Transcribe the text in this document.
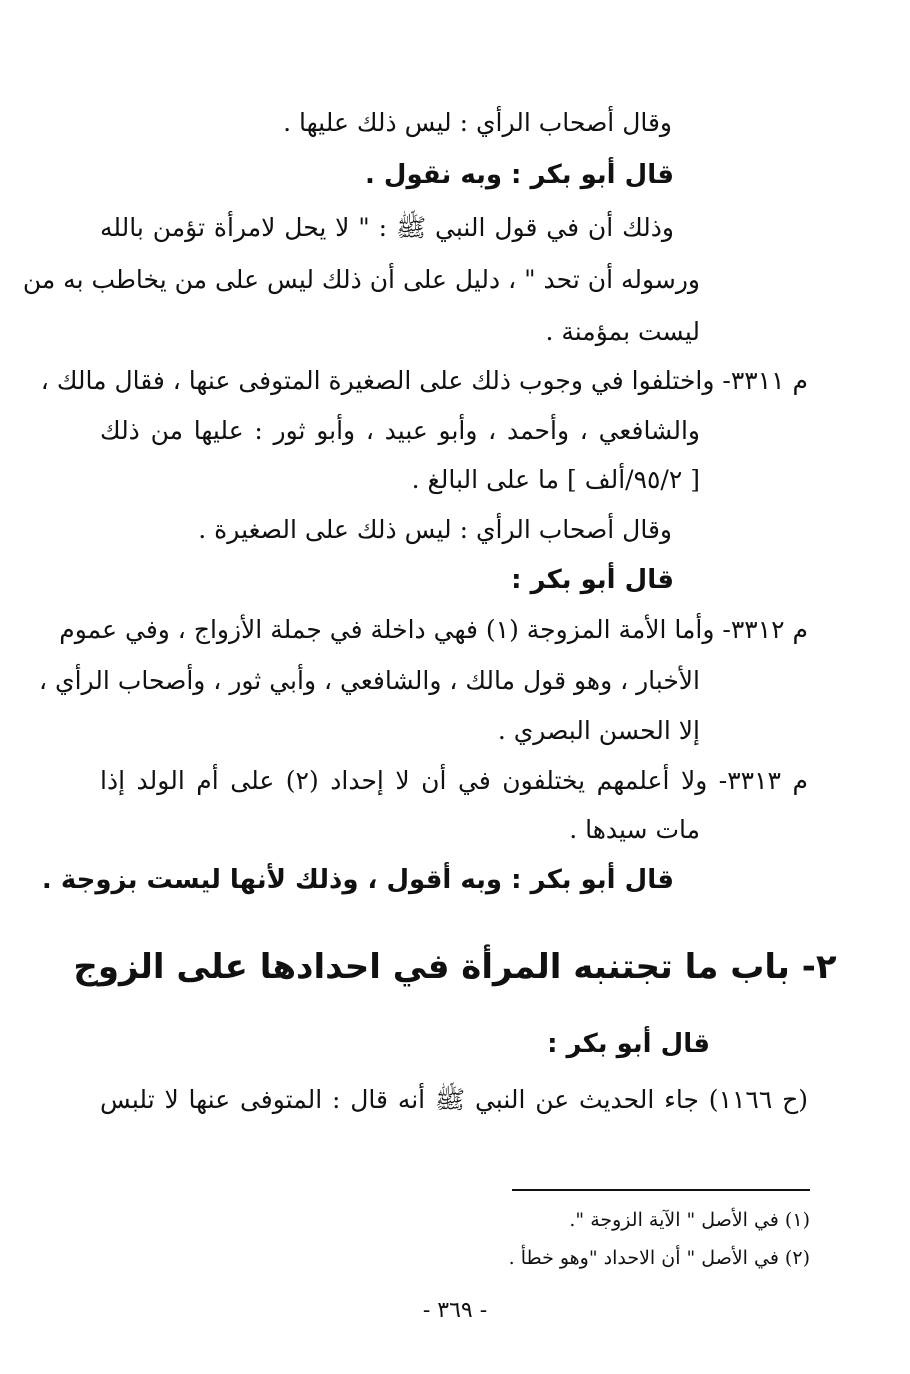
وقال أصحاب الرأي : ليس ذلك عليها .
قال أبو بكر : وبه نقول .
وذلك أن في قول النبي ﷺ : " لا يحل لامرأة تؤمن بالله
ورسوله أن تحد " ، دليل على أن ذلك ليس على من يخاطب به من
ليست بمؤمنة .
م ٣٣١١- واختلفوا في وجوب ذلك على الصغيرة المتوفى عنها ، فقال مالك ،
والشافعي ، وأحمد ، وأبو عبيد ، وأبو ثور : عليها من ذلك
[ ٩٥/٢/ألف ] ما على البالغ .
وقال أصحاب الرأي : ليس ذلك على الصغيرة .
قال أبو بكر :
م ٣٣١٢- وأما الأمة المزوجة (١) فهي داخلة في جملة الأزواج ، وفي عموم
الأخبار ، وهو قول مالك ، والشافعي ، وأبي ثور ، وأصحاب الرأي ،
إلا الحسن البصري .
م ٣٣١٣- ولا أعلمهم يختلفون في أن لا إحداد (٢) على أم الولد إذا
مات سيدها .
قال أبو بكر : وبه أقول ، وذلك لأنها ليست بزوجة .
٢- باب ما تجتنبه المرأة في احدادها على الزوج
قال أبو بكر :
(ح ١١٦٦) جاء الحديث عن النبي ﷺ أنه قال : المتوفى عنها لا تلبس
(١) في الأصل " الآية الزوجة ".
(٢) في الأصل " أن الاحداد "وهو خطأ .
- ٣٦٩ -
